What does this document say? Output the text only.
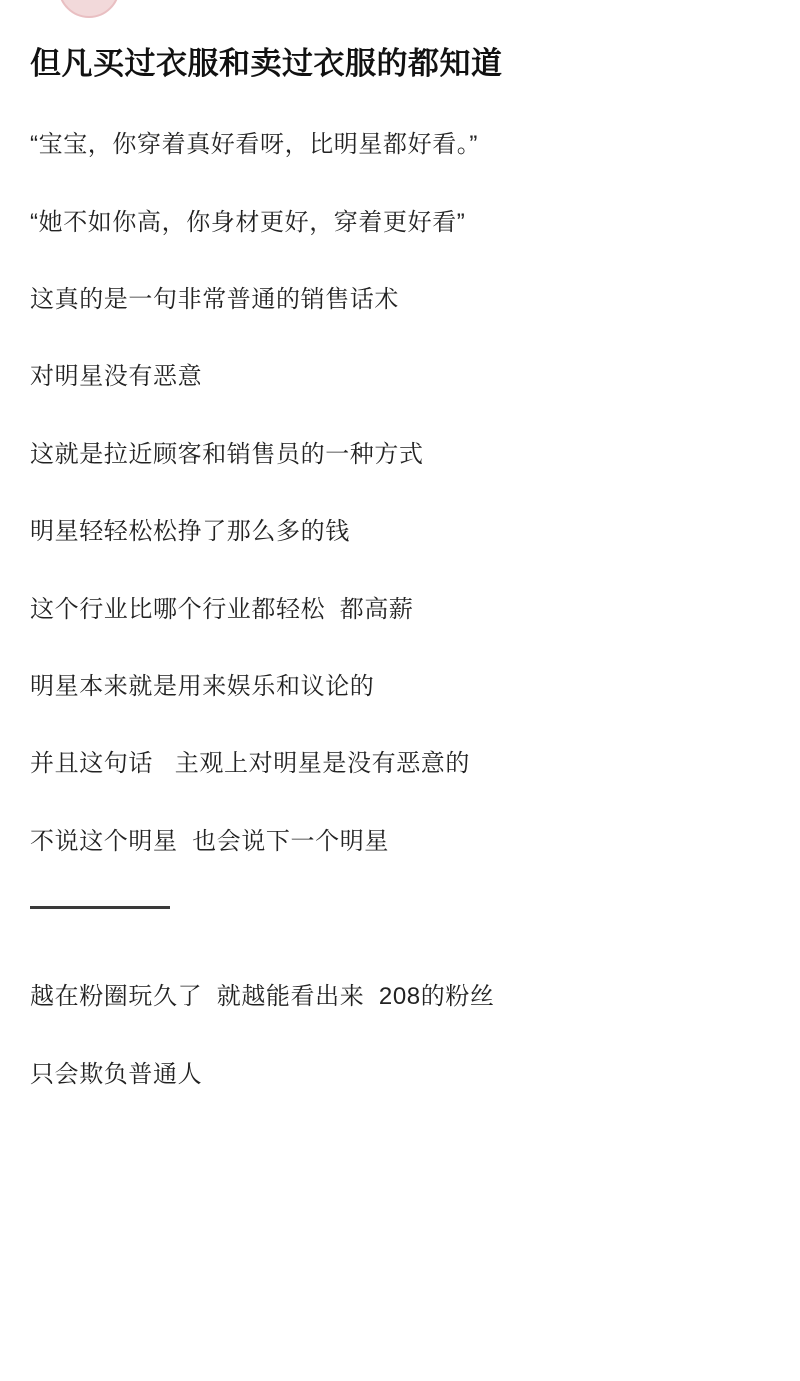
但凡买过衣服和卖过衣服的都知道

“宝宝，你穿着真好看呀，比明星都好看。”

“她不如你高，你身材更好，穿着更好看”

这真的是一句非常普通的销售话术

对明星没有恶意

这就是拉近顾客和销售员的一种方式

明星轻轻松松挣了那么多的钱

这个行业比哪个行业都轻松  都高薪

明星本来就是用来娱乐和议论的

并且这句话   主观上对明星是没有恶意的

不说这个明星  也会说下一个明星

越在粉圈玩久了  就越能看出来  208的粉丝

只会欺负普通人
